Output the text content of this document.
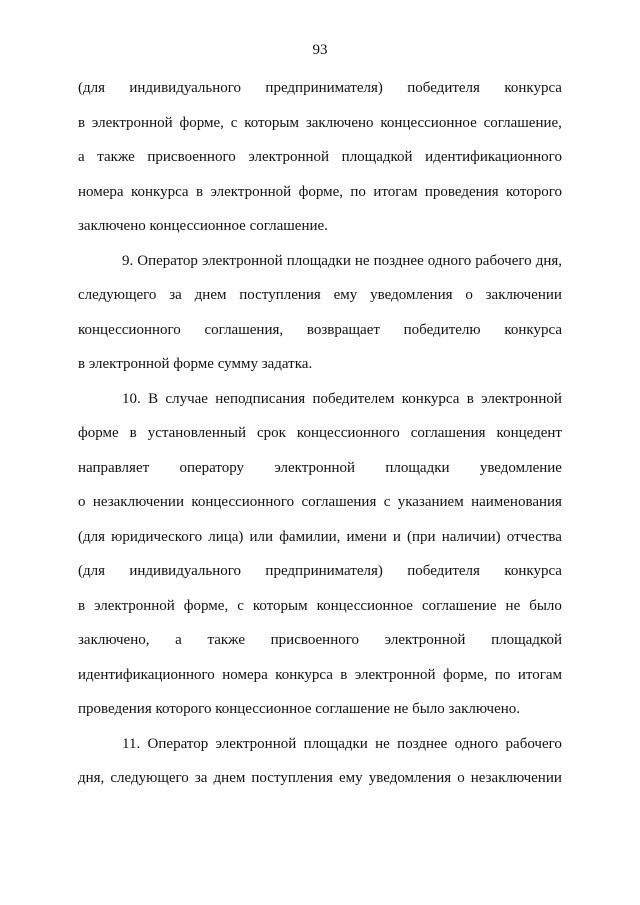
93
(для индивидуального предпринимателя) победителя конкурса
в электронной форме, с которым заключено концессионное соглашение,
а также присвоенного электронной площадкой идентификационного
номера конкурса в электронной форме, по итогам проведения которого
заключено концессионное соглашение.
9. Оператор электронной площадки не позднее одного рабочего дня,
следующего за днем поступления ему уведомления о заключении
концессионного соглашения, возвращает победителю конкурса
в электронной форме сумму задатка.
10. В случае неподписания победителем конкурса в электронной
форме в установленный срок концессионного соглашения концедент
направляет оператору электронной площадки уведомление
о незаключении концессионного соглашения с указанием наименования
(для юридического лица) или фамилии, имени и (при наличии) отчества
(для индивидуального предпринимателя) победителя конкурса
в электронной форме, с которым концессионное соглашение не было
заключено, а также присвоенного электронной площадкой
идентификационного номера конкурса в электронной форме, по итогам
проведения которого концессионное соглашение не было заключено.
11. Оператор электронной площадки не позднее одного рабочего
дня, следующего за днем поступления ему уведомления о незаключении
